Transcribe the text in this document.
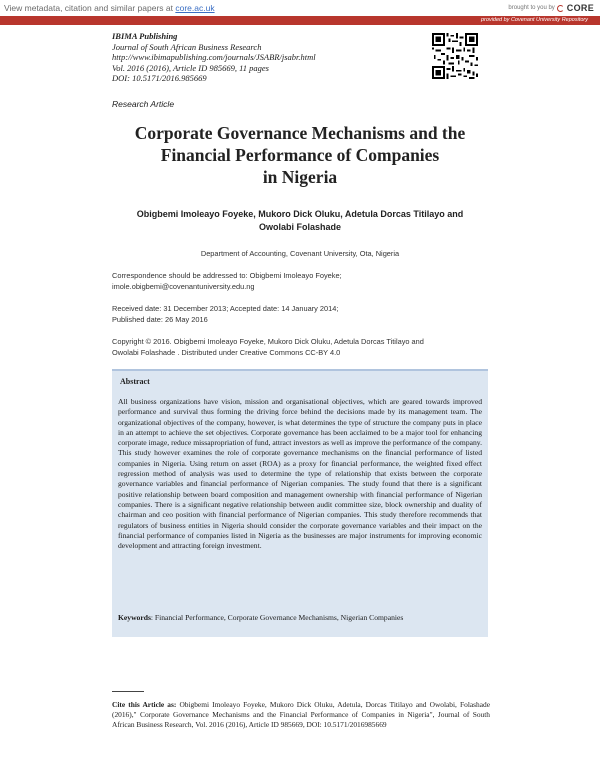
View metadata, citation and similar papers at core.ac.uk	brought to you by CORE
provided by Covenant University Repository
IBIMA Publishing
Journal of South African Business Research
http://www.ibimapublishing.com/journals/JSABR/jsabr.html
Vol. 2016 (2016), Article ID 985669, 11 pages
DOI: 10.5171/2016.985669
Research Article
Corporate Governance Mechanisms and the
Financial Performance of Companies
in Nigeria
Obigbemi Imoleayo Foyeke, Mukoro Dick Oluku, Adetula Dorcas Titilayo and
Owolabi Folashade
Department of Accounting, Covenant University, Ota, Nigeria
Correspondence should be addressed to: Obigbemi Imoleayo Foyeke;
imole.obigbemi@covenantuniversity.edu.ng
Received date: 31 December 2013; Accepted date: 14 January 2014;
Published date: 26 May 2016
Copyright © 2016. Obigbemi Imoleayo Foyeke, Mukoro Dick Oluku, Adetula Dorcas Titilayo and
Owolabi Folashade . Distributed under Creative Commons CC-BY 4.0
Abstract

All business organizations have vision, mission and organisational objectives, which are geared towards improved performance and survival thus forming the driving force behind the decisions made by its management team. The organizational objectives of the company, however, is what determines the type of structure the company puts in place in an attempt to achieve the set objectives. Corporate governance has been acclaimed to be a major tool for enhancing corporate image, reduce missapropriation of fund, attract investors as well as improve the performance of the company. This study however examines the role of corporate governance mechanisms on the financial performance of listed companies in Nigeria. Using return on asset (ROA) as a proxy for financial performance, the weighted fixed effect regression method of analysis was used to determine the type of relationship that exists between the corporate governance variables and financial performance of Nigerian companies. The study found that there is a significant positive relationship between board composition and management ownership with financial performance of Nigerian companies. There is a significant negative relationship between audit committee size, block ownership and duality of chairman and ceo position with financial performance of Nigerian companies. This study therefore recommends that regulators of business entities in Nigeria should consider the corporate governance variables and their impact on the financial performance of companies listed in Nigeria as the businesses are major instruments for improving economic development and attracting foreign investment.

Keywords: Financial Performance, Corporate Governance Mechanisms, Nigerian Companies

Cite this Article as: Obigbemi Imoleayo Foyeke, Mukoro Dick Oluku, Adetula, Dorcas Titilayo and Owolabi, Folashade (2016)," Corporate Governance Mechanisms and the Financial Performance of Companies in Nigeria", Journal of South African Business Research, Vol. 2016 (2016), Article ID 985669, DOI: 10.5171/2016985669
